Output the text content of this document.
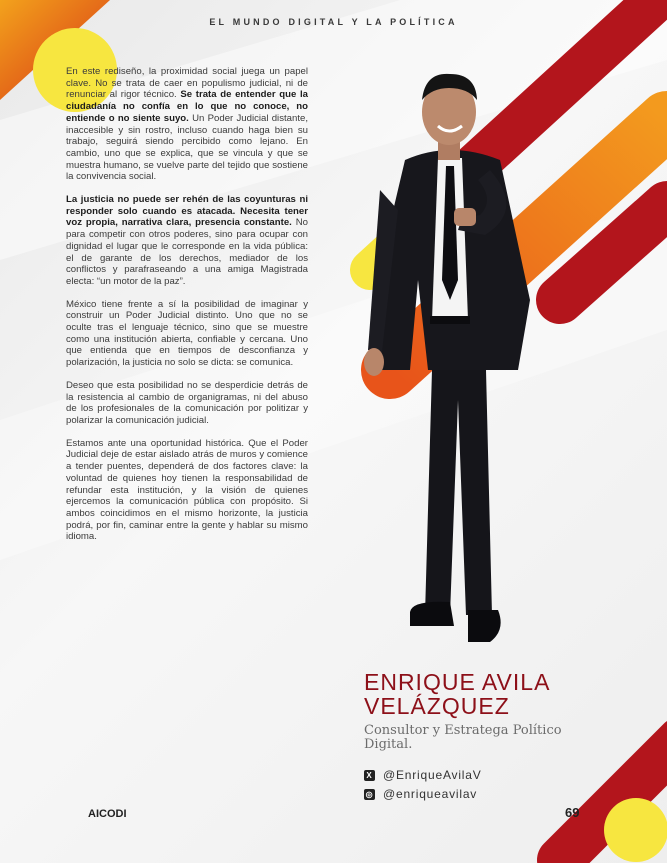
EL MUNDO DIGITAL Y LA POLÍTICA

En este rediseño, la proximidad social juega un papel clave. No se trata de caer en populismo judicial, ni de renunciar al rigor técnico. Se trata de entender que la ciudadanía no confía en lo que no conoce, no entiende o no siente suyo. Un Poder Judicial distante, inaccesible y sin rostro, incluso cuando haga bien su trabajo, seguirá siendo percibido como lejano. En cambio, uno que se explica, que se vincula y que se muestra humano, se vuelve parte del tejido que sostiene la convivencia social.

La justicia no puede ser rehén de las coyunturas ni responder solo cuando es atacada. Necesita tener voz propia, narrativa clara, presencia constante. No para competir con otros poderes, sino para ocupar con dignidad el lugar que le corresponde en la vida pública: el de garante de los derechos, mediador de los conflictos y parafraseando a una amiga Magistrada electa: “un motor de la paz”.

México tiene frente a sí la posibilidad de imaginar y construir un Poder Judicial distinto. Uno que no se oculte tras el lenguaje técnico, sino que se muestre como una institución abierta, confiable y cercana. Uno que entienda que en tiempos de desconfianza y polarización, la justicia no solo se dicta: se comunica.

Deseo que esta posibilidad no se desperdicie detrás de la resistencia al cambio de organigramas, ni del abuso de los profesionales de la comunicación por politizar y polarizar la comunicación judicial.

Estamos ante una oportunidad histórica. Que el Poder Judicial deje de estar aislado atrás de muros y comience a tender puentes, dependerá de dos factores clave: la voluntad de quienes hoy tienen la responsabilidad de refundar esta institución, y la visión de quienes ejercemos la comunicación pública con propósito. Si ambos coincidimos en el mismo horizonte, la justicia podrá, por fin, caminar entre la gente y hablar su mismo idioma.

ENRIQUE AVILA
VELÁZQUEZ
Consultor y Estratega Político Digital.
X @EnriqueAvilaV
◎ @enriqueavilav
AICODI	69
